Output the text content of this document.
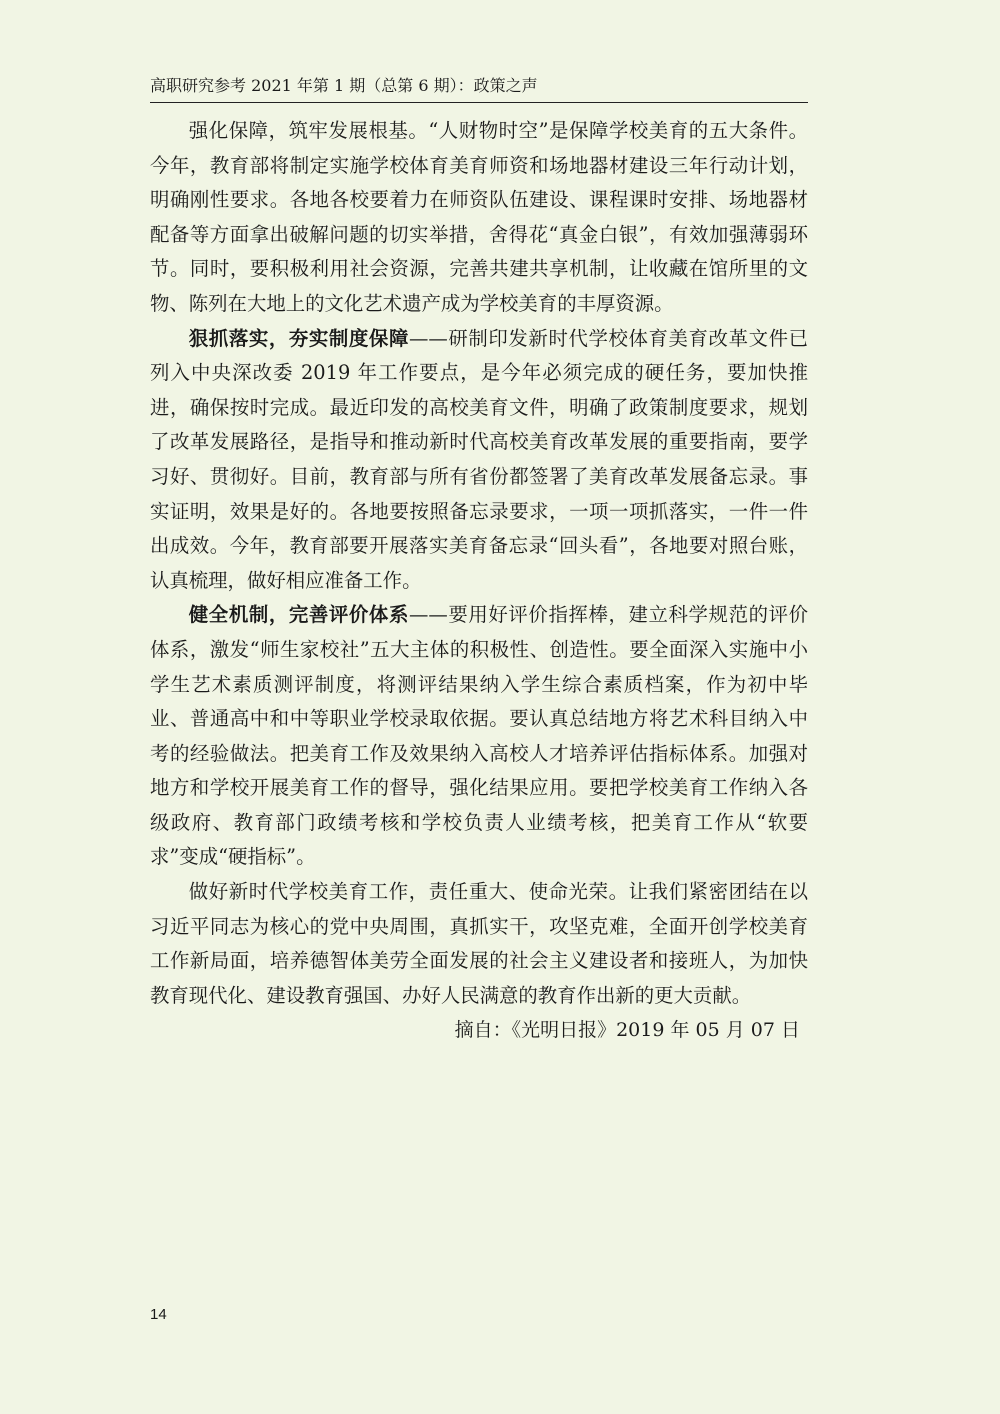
高职研究参考 2021 年第 1 期（总第 6 期）：政策之声

强化保障，筑牢发展根基。“人财物时空”是保障学校美育的五大条件。今年，教育部将制定实施学校体育美育师资和场地器材建设三年行动计划，明确刚性要求。各地各校要着力在师资队伍建设、课程课时安排、场地器材配备等方面拿出破解问题的切实举措，舍得花“真金白银”，有效加强薄弱环节。同时，要积极利用社会资源，完善共建共享机制，让收藏在馆所里的文物、陈列在大地上的文化艺术遗产成为学校美育的丰厚资源。

狠抓落实，夯实制度保障——研制印发新时代学校体育美育改革文件已列入中央深改委 2019 年工作要点，是今年必须完成的硬任务，要加快推进，确保按时完成。最近印发的高校美育文件，明确了政策制度要求，规划了改革发展路径，是指导和推动新时代高校美育改革发展的重要指南，要学习好、贯彻好。目前，教育部与所有省份都签署了美育改革发展备忘录。事实证明，效果是好的。各地要按照备忘录要求，一项一项抓落实，一件一件出成效。今年，教育部要开展落实美育备忘录“回头看”，各地要对照台账，认真梳理，做好相应准备工作。

健全机制，完善评价体系——要用好评价指挥棒，建立科学规范的评价体系，激发“师生家校社”五大主体的积极性、创造性。要全面深入实施中小学生艺术素质测评制度，将测评结果纳入学生综合素质档案，作为初中毕业、普通高中和中等职业学校录取依据。要认真总结地方将艺术科目纳入中考的经验做法。把美育工作及效果纳入高校人才培养评估指标体系。加强对地方和学校开展美育工作的督导，强化结果应用。要把学校美育工作纳入各级政府、教育部门政绩考核和学校负责人业绩考核，把美育工作从“软要求”变成“硬指标”。

做好新时代学校美育工作，责任重大、使命光荣。让我们紧密团结在以习近平同志为核心的党中央周围，真抓实干，攻坚克难，全面开创学校美育工作新局面，培养德智体美劳全面发展的社会主义建设者和接班人，为加快教育现代化、建设教育强国、办好人民满意的教育作出新的更大贡献。

摘自：《光明日报》2019 年 05 月 07 日

14
